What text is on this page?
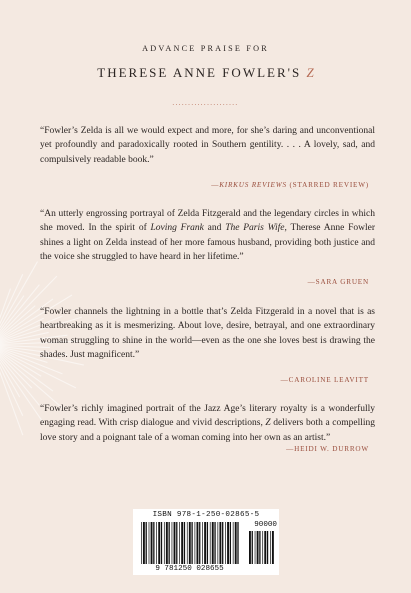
ADVANCE PRAISE FOR
THERESE ANNE FOWLER'S Z
.....................
“Fowler’s Zelda is all we would expect and more, for she’s daring and unconventional yet profoundly and paradoxically rooted in Southern gentility. . . . A lovely, sad, and compulsively readable book.”
—KIRKUS REVIEWS (STARRED REVIEW)
“An utterly engrossing portrayal of Zelda Fitzgerald and the legendary circles in which she moved. In the spirit of Loving Frank and The Paris Wife, Therese Anne Fowler shines a light on Zelda instead of her more famous husband, providing both justice and the voice she struggled to have heard in her lifetime.”
—SARA GRUEN
“Fowler channels the lightning in a bottle that’s Zelda Fitzgerald in a novel that is as heartbreaking as it is mesmerizing. About love, desire, betrayal, and one extraordinary woman struggling to shine in the world—even as the one she loves best is drawing the shades. Just magnificent.”
—CAROLINE LEAVITT
“Fowler’s richly imagined portrait of the Jazz Age’s literary royalty is a wonderfully engaging read. With crisp dialogue and vivid descriptions, Z delivers both a compelling love story and a poignant tale of a woman coming into her own as an artist.”
—HEIDI W. DURROW
ISBN 978-1-250-02865-5
90000
9 781250 028655
